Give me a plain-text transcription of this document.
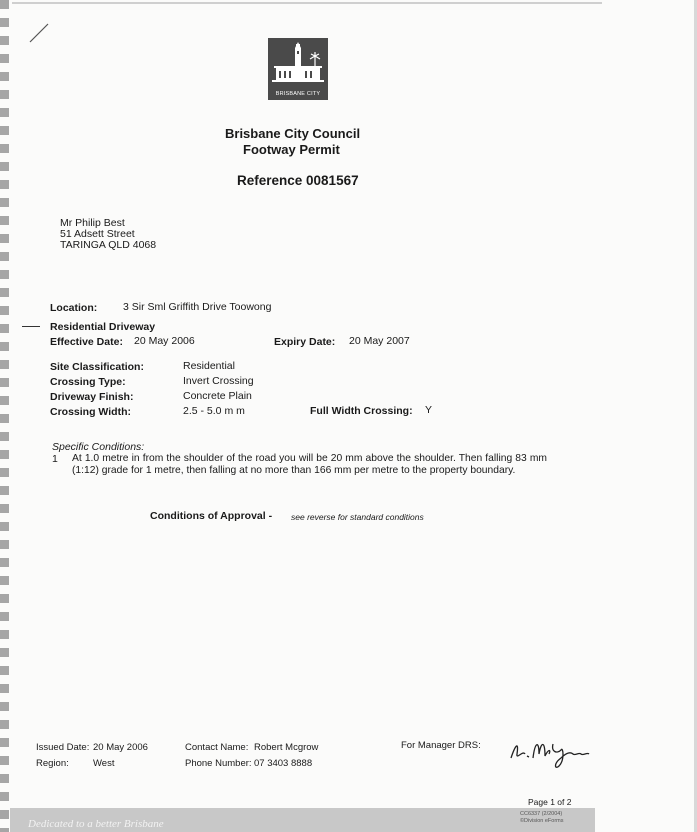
BRISBANE CITY
Brisbane City Council
Footway Permit
Reference 0081567
Mr Philip Best
51 Adsett Street
TARINGA QLD 4068
Location: 3 Sir Sml Griffith Drive Toowong
Residential Driveway
Effective Date: 20 May 2006	Expiry Date: 20 May 2007
Site Classification:	Residential
Crossing Type:	Invert Crossing
Driveway Finish:	Concrete Plain
Crossing Width:	2.5 - 5.0 m m	Full Width Crossing: Y
Specific Conditions:
1 At 1.0 metre in from the shoulder of the road you will be 20 mm above the shoulder. Then falling 83 mm (1:12) grade for 1 metre, then falling at no more than 166 mm per metre to the property boundary.
Conditions of Approval - see reverse for standard conditions
Issued Date: 20 May 2006
Region:	West
Contact Name: Robert Mcgrow
Phone Number: 07 3403 8888
For Manager DRS:
Page 1 of 2
Dedicated to a better Brisbane
CC6337 (2/2004)
©Division eForms
